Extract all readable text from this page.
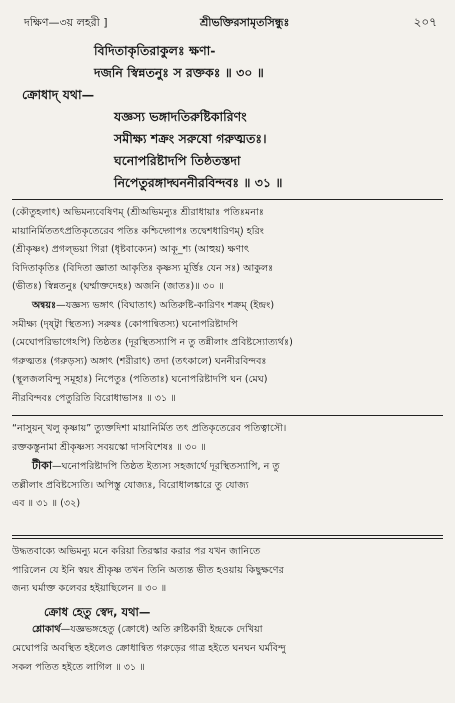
দক্ষিণ—৩য় লহরী ]	শ্রীভক্তিরসামৃতসিন্ধুঃ	২০৭
বিদিতাকৃতিরাকুলঃ ক্ষণা-
দজনি স্বিন্নতনুঃ স রক্তকঃ ॥ ৩০ ॥
ক্রোধাদ্ যথা—
যজ্ঞস্য ভঙ্গাদতিরুষ্টিকারিণং
সমীক্ষ্য শক্রং সরুষো গরুত্মতঃ।
ঘনোপরিষ্টাদপি তিষ্ঠতস্তদা
নিপেতুরঙ্গাদ্ঘননীরবিন্দবঃ ॥ ৩১ ॥
(কৌতুহলাৎ) অভিমন্যবেষিণম্ (শ্রীঅভিমন্যুঃ শ্রীরাধায়াঃ পতিঃমনাঃ
মায়ানির্মিততৎপ্রতিকৃতেরেব পতিঃ কশ্চিদ্গোপঃ তদ্বেশধারিণম্) হরিং
(শ্রীকৃষ্ণং) প্রগল্ভয়া গিরা (ধৃষ্টবাক্যেন) আকূ_শ্য (আহুয়) ক্ষণাৎ
বিদিতাকৃতিঃ (বিদিতা জ্ঞাতা আকৃতিঃ কৃষ্ণস্য মূর্ত্তিঃ যেন সঃ) আকুলঃ
(ভীতঃ) স্বিন্নতনুঃ (ঘর্ম্মাক্তদেহঃ) অজনি (জাতঃ)॥ ৩০ ॥
অন্বয়ঃ—যজ্ঞস্য ভঙ্গাৎ (বিঘাতাৎ) অতিরুষ্টি-কারিণং শক্রম্ (ইন্দ্রং)
সমীক্ষ্য (দৃষ্ট্বা স্থিতস্য) সরুষঃ (কোপান্বিতস্য) ঘনোপরিষ্টাদপি
(মেঘোপরিভাগেঽপি) তিষ্ঠতঃ (দূরস্থিতস্যাপি ন তু তন্নীলাং প্রবিষ্টস্যোত্যর্থঃ)
গরুত্মতঃ (গরুড়স্য) অঙ্গাৎ (শরীরাৎ) তদা (তৎকালে) ঘননীরবিন্দবঃ
(স্থূলজলবিন্দু সমূহাঃ) নিপেতুঃ (পতিতাঃ) ঘনোপরিষ্টাদপি ঘন (মেঘ)
নীরবিন্দবঃ পেতুরিতি বিরোধাভাসঃ ॥ ৩১ ॥
“নাসুয়ন্ খলু কৃষ্ণায়” ত্যুক্তদিশা মায়ানির্মিত তৎ প্রতিকৃতেরেব পতিত্বাসৌ।
রক্তকস্তুনামা শ্রীকৃষ্ণস্য সবয়স্কো দাসবিশেষঃ ॥ ৩০ ॥
টীকা—ঘনোপরিষ্টাদপি তিষ্ঠত ইত্যস্য সহজার্থে দূরস্থিতস্যাপি, ন তু
তল্লীলাং প্রবিষ্টস্যেতি। অপিস্তু যোজ্যঃ, বিরোধালঙ্কারে তু যোজ্য
এব ॥ ৩১ ॥ (৩২)
উদ্ধতবাক্যে অভিমন্যু মনে করিয়া তিরস্কার করার পর যখন জানিতে
পারিলেন যে ইনি স্বয়ং শ্রীকৃষ্ণ তখন তিনি অত্যন্ত ভীত হওয়ায় কিছুক্ষণের
জন্য ঘর্মাক্ত কলেবর হইয়াছিলেন ॥ ৩০ ॥
ক্রোধ হেতু স্বেদ, যথা—
শ্লোকার্থ—যজ্ঞভঙ্গহেতু (ক্রোধে) অতি রুষ্টিকারী ইন্দ্রকে দেখিয়া
মেঘোপরি অবস্থিত হইলেও ক্রোধান্বিত গরুড়ের গাত্র হইতে ঘনঘন ঘর্মবিন্দু
সকল পতিত হইতে লাগিল ॥ ৩১ ॥
